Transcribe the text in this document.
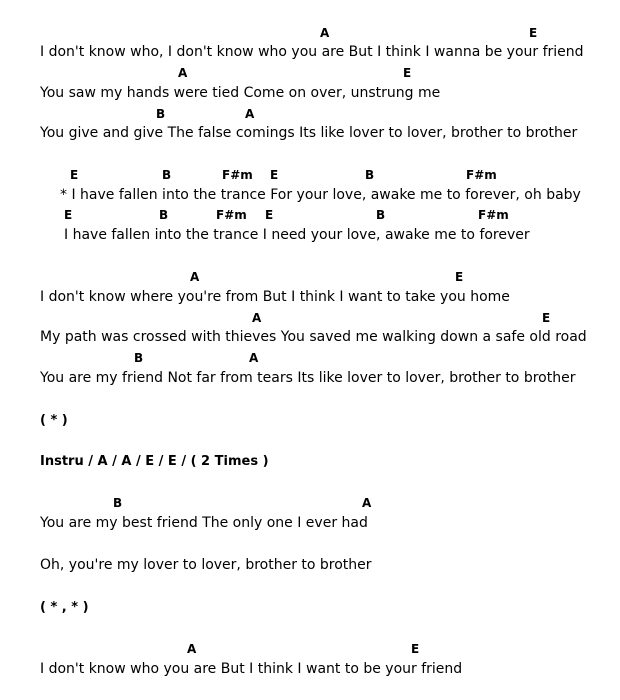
A	E
I don't know who, I don't know who you are But I think I wanna be your friend
A	E
You saw my hands were tied Come on over, unstrung me
B	A
You give and give The false comings Its like lover to lover, brother to brother
E	B	F#m E	B	F#m
* I have fallen into the trance For your love, awake me to forever, oh baby
E	B	F#m E	B	F#m
I have fallen into the trance I need your love, awake me to forever
A	E
I don't know where you're from But I think I want to take you home
A	E
My path was crossed with thieves You saved me walking down a safe old road
B	A
You are my friend Not far from tears Its like lover to lover, brother to brother
( * )
Instru / A / A / E / E / ( 2 Times )
B	A
You are my best friend The only one I ever had
Oh, you're my lover to lover, brother to brother
( * , * )
A	E
I don't know who you are But I think I want to be your friend
